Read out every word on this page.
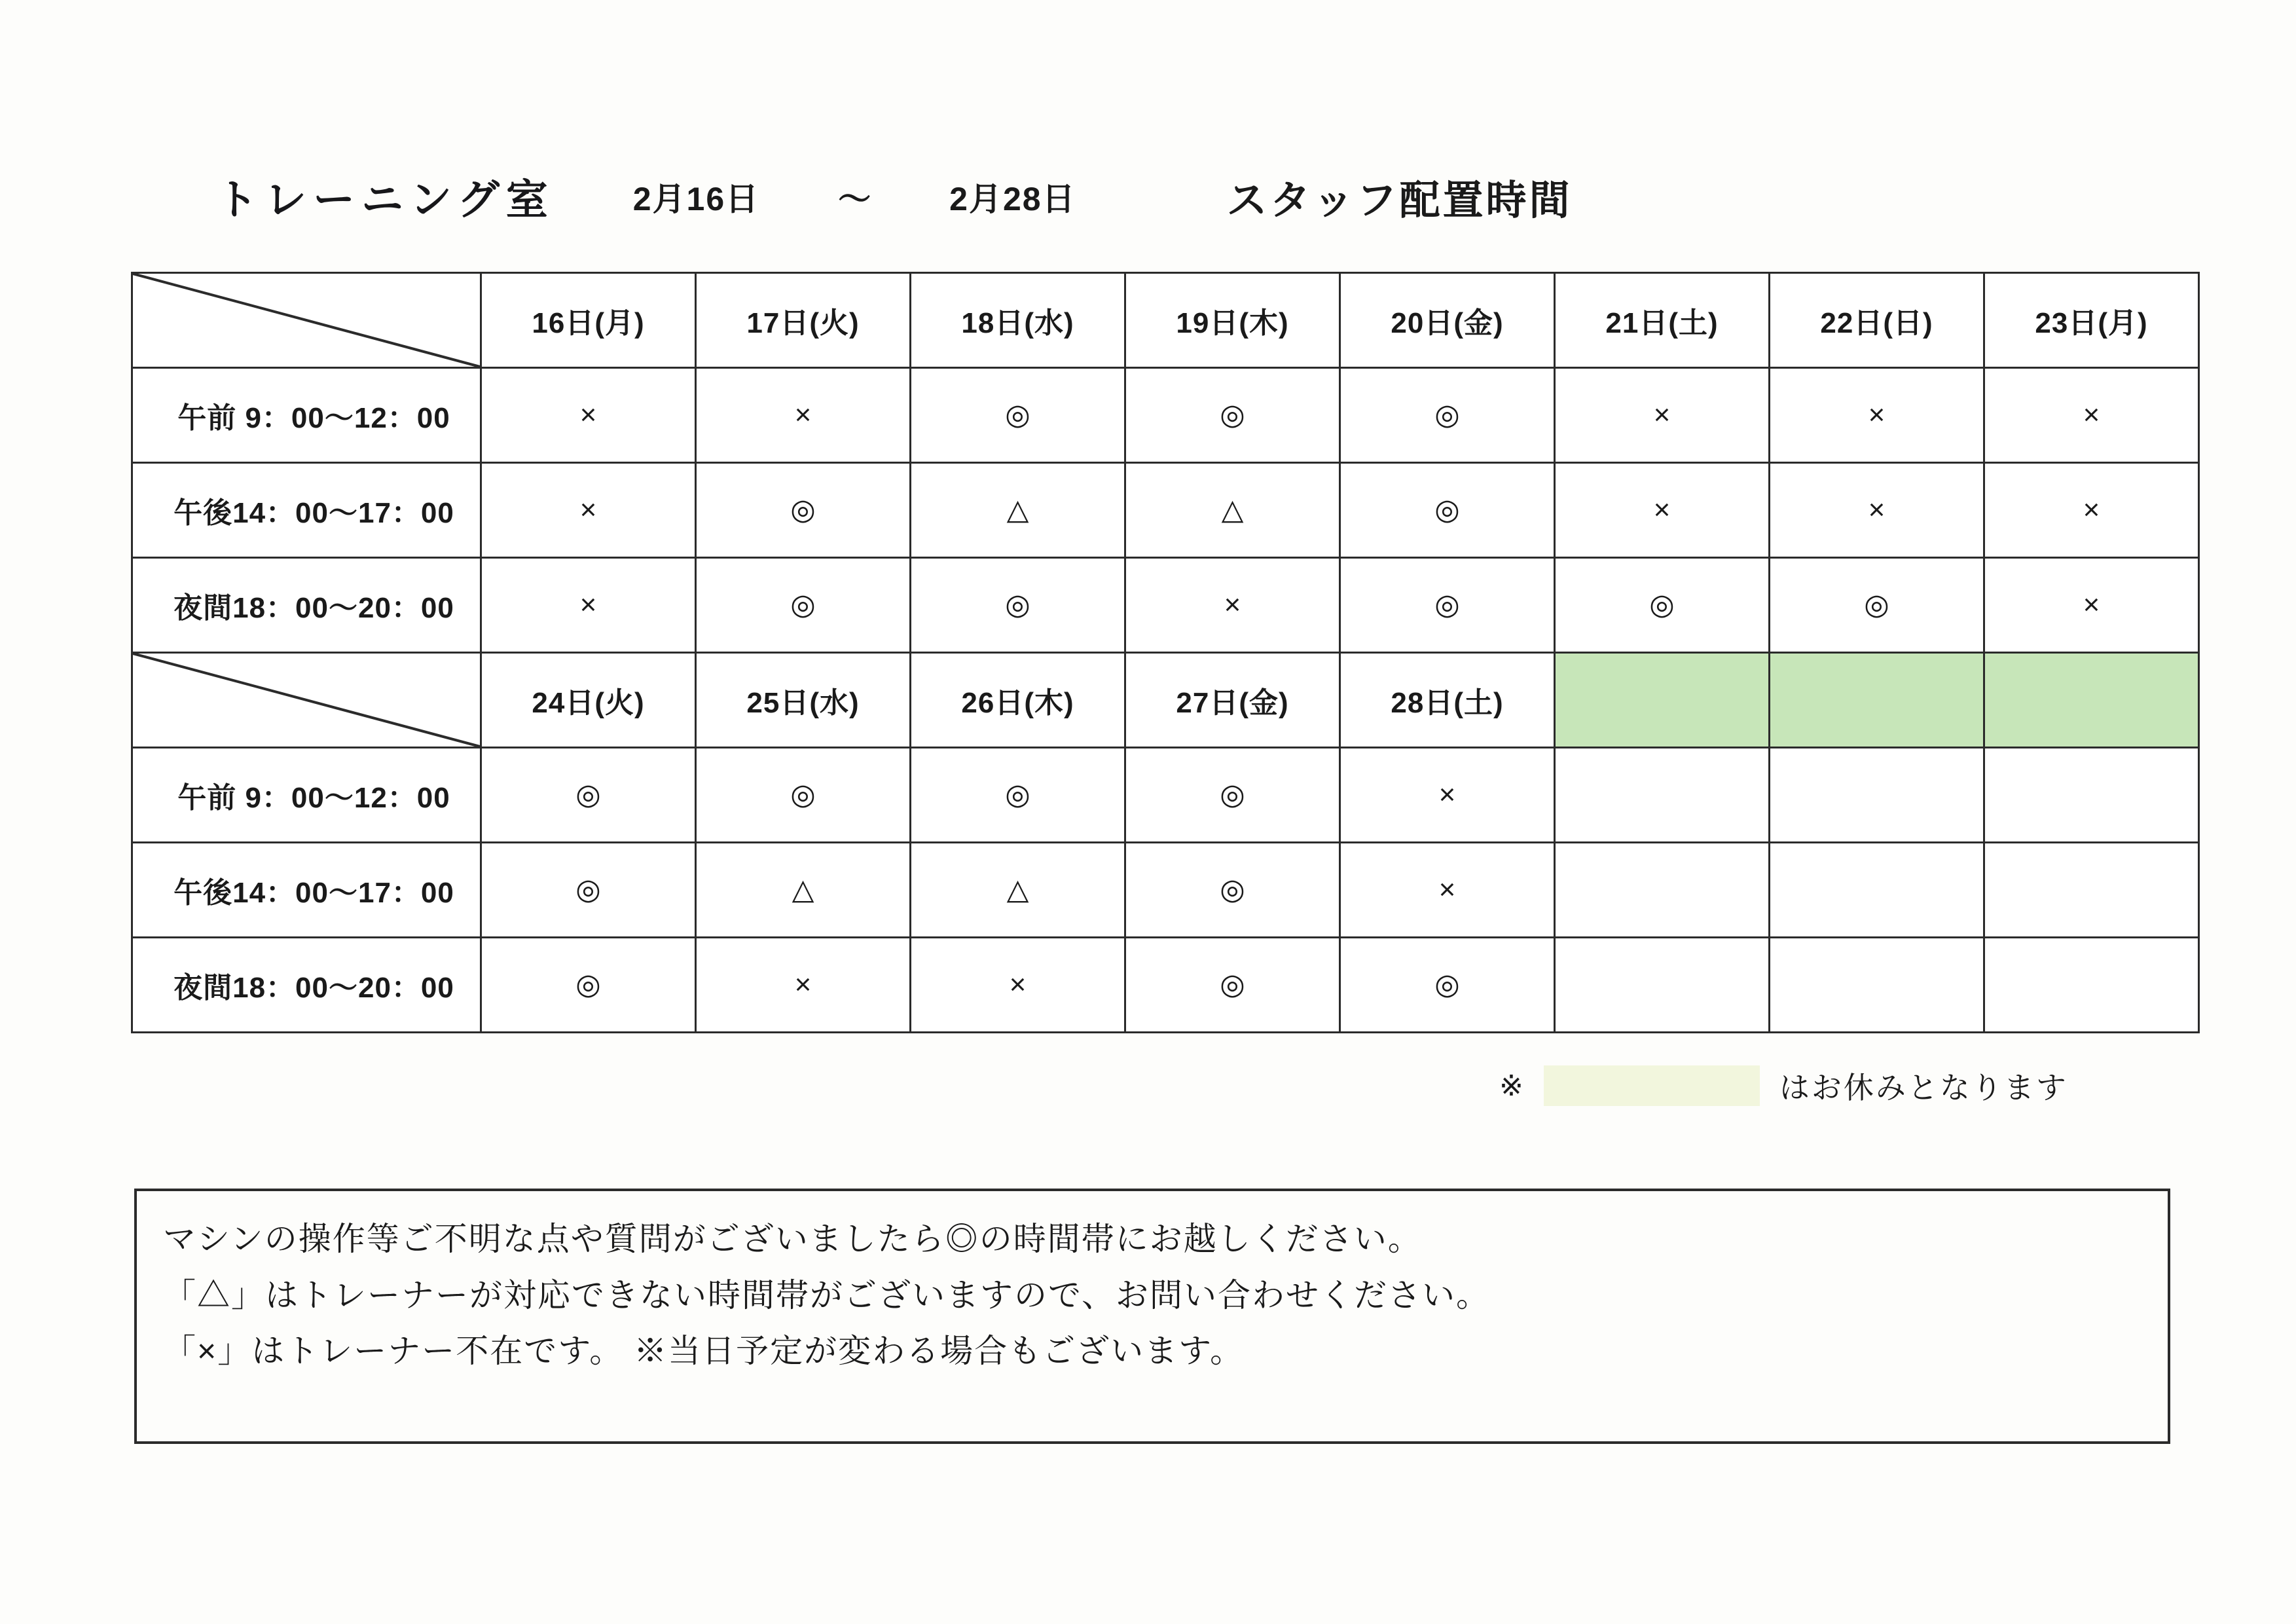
トレーニング室 2月16日 〜 2月28日	スタッフ配置時間
	16日(月)	17日(火)	18日(水)	19日(木)	20日(金)	21日(土)	22日(日)	23日(月)
午前 9：00〜12：00	×	×	◎	◎	◎	×	×	×
午後14：00〜17：00	×	◎	△	△	◎	×	×	×
夜間18：00〜20：00	×	◎	◎	×	◎	◎	◎	×

	24日(火)	25日(水)	26日(木)	27日(金)	28日(土)			
午前 9：00〜12：00	◎	◎	◎	◎	×			
午後14：00〜17：00	◎	△	△	◎	×			
夜間18：00〜20：00	◎	×	×	◎	◎			
※	はお休みとなります

マシンの操作等ご不明な点や質問がございましたら◎の時間帯にお越しください。

「△」はトレーナーが対応できない時間帯がございますので、お問い合わせください。

「×」はトレーナー不在です。 ※当日予定が変わる場合もございます。
